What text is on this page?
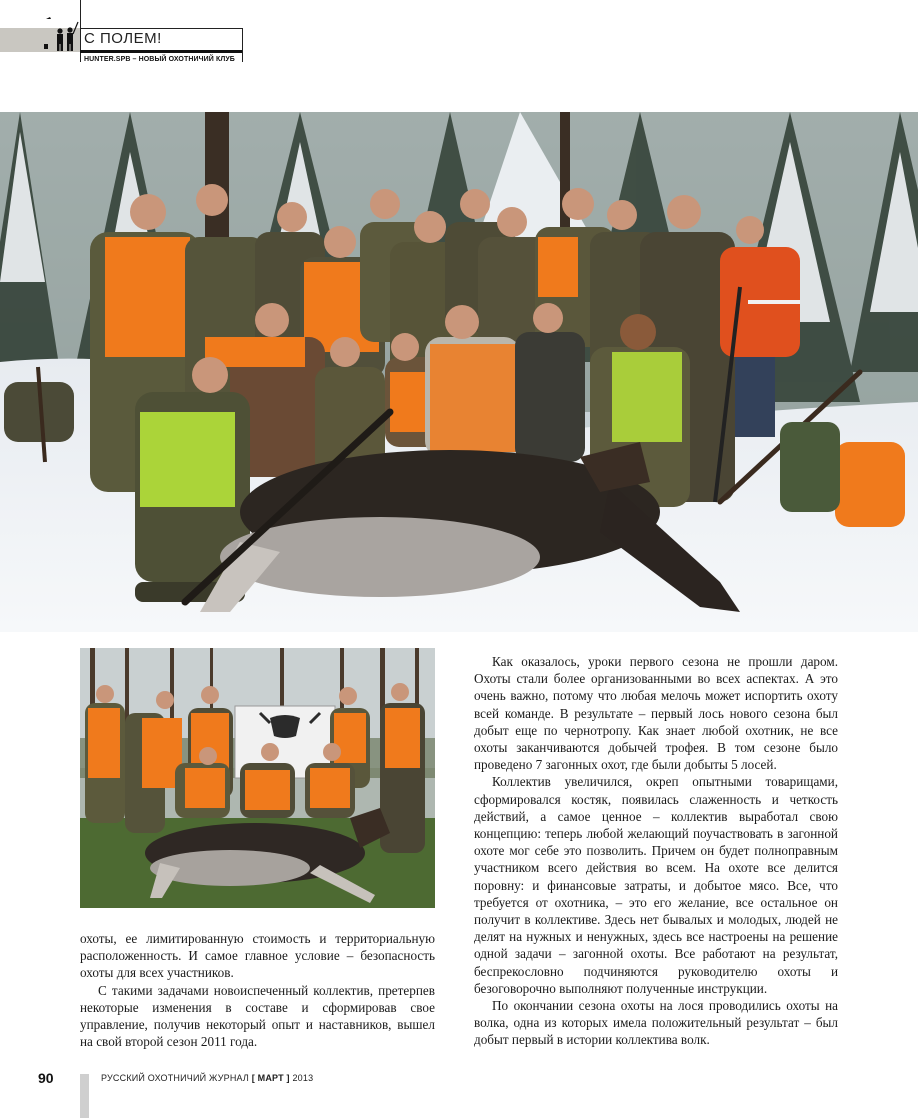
С ПОЛЕМ!
HUNTER.SPB – НОВЫЙ ОХОТНИЧИЙ КЛУБ

охоты, ее лимитированную стоимость и территориальную расположенность. И самое главное условие – безопасность охоты для всех участников.

С такими задачами новоиспеченный коллектив, претерпев некоторые изменения в составе и сформировав свое управление, получив некоторый опыт и наставников, вышел на свой второй сезон 2011 года.

Как оказалось, уроки первого сезона не прошли даром. Охоты стали более организованными во всех аспектах. А это очень важно, потому что любая мелочь может испортить охоту всей команде. В результате – первый лось нового сезона был добыт еще по чернотропу. Как знает любой охотник, не все охоты заканчиваются добычей трофея. В том сезоне было проведено 7 загонных охот, где были добыты 5 лосей.

Коллектив увеличился, окреп опытными товарищами, сформировался костяк, появилась слаженность и четкость действий, а самое ценное – коллектив выработал свою концепцию: теперь любой желающий поучаствовать в загонной охоте мог себе это позволить. Причем он будет полноправным участником всего действия во всем. На охоте все делится поровну: и финансовые затраты, и добытое мясо. Все, что требуется от охотника, – это его желание, все остальное он получит в коллективе. Здесь нет бывалых и молодых, людей не делят на нужных и ненужных, здесь все настроены на решение одной задачи – загонной охоты. Все работают на результат, беспрекословно подчиняются руководителю охоты и безоговорочно выполняют полученные инструкции.

По окончании сезона охоты на лося проводились охоты на волка, одна из которых имела положительный результат – был добыт первый в истории коллектива волк.

90	РУССКИЙ ОХОТНИЧИЙ ЖУРНАЛ [ МАРТ ] 2013
